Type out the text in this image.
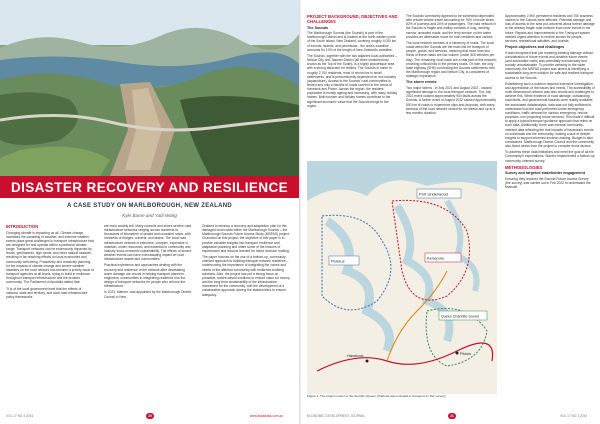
DISASTER RECOVERY AND RESILIENCE
A CASE STUDY ON MARLBOROUGH, NEW ZEALAND
Kyle Barrie and Yadi Wang
INTRODUCTION

Changing climate is impacting us all. Climate change increases the variability of weather, and extreme weather events place great challenges to transport infrastructure that are designed for and operate within a particular climatic range. Transport networks can be enormously impacted by floods, geohazards, high winds, and other natural hazards, resulting in far-reaching effects on local economies and community well-being. Proactively and reactively planning for the impacts of climate change and severe weather disasters on the road network has become a priority issue of transport agencies at all levels, trying to build in resilience throughout transport infrastructure and the broader community. The Parliament of Australia stated that:

"It is of the local government level that the effects of national, state and territory, and local road infrastructure policy frameworks

are most acutely felt. Many councils and shires service road infrastructure networks ranging across hundreds to thousands of kilometres of sealed and unsealed roads, with hundreds of bridges, culverts, and drains. The local road infrastructure network is extensive, complex, expensive to maintain, under resourced, and essential to community and industry socio-economic sustainability. The effects of severe weather events can have a devastating impact on road infrastructure assets and communities."

Practical experience and approaches dealing with the recovery and resilience of the network after devastating storm damage are crucial in helping transport planners, engineers, communities in integrating resilience into the design of transport networks for people who will use the infrastructure.

In 2023, Mariner, was appointed by the Marlborough District Council in New

Zealand to develop a recovery and adaptation plan for the damaged local roads within the Marlborough Sounds – the Marlborough Sounds Future Access Study (MSFAS) project. Grounded on this project, the objective of this paper is to provide valuable insights into transport resilience and adaptation planning and share some of the lessons of experiences and lessons learned for future decision making.

The paper focuses on the use of a bottom-up, community-oriented approach to building transport network resilience – underscoring the importance of integrating the voices and needs of the affected community with resilience-building solutions. Also, the project has put a strong focus on proactive, nature-based solutions to ensure value for money and the long-term sustainability of the infrastructure investment for the community, with the development of a collaborative approach among the stakeholders to ensure adequacy.

VOL 17 NO 3 2024	20	www.edustralia.com.au
PROJECT BACKGROUND, OBJECTIVES AND CHALLENGES
The Sounds

The Marlborough Sounds (the Sounds) is part of the Marlborough District and is located at the north-eastern point of the South Island, New Zealand, covering roughly 4,000 km of sounds, islands, and peninsulas - the area's coastline accounts for 10% of the length of New Zealand's coastline.

The Sounds, together with the two adjacent local authorities – Nelson City and Tasman District (all three combined into known as the Top of the South), is a highly picturesque area with a strong attraction for visitors. The Sounds is home to roughly 2,700 residents, most of whom live in small settlements, and is predominantly dependent on one industry (aquaculture). Access to the Sounds' rural communities is limited and only a handful of roads connect to the towns of Havelock and Picton. Across the region, the resident population is mostly ageing and increasing, with many holiday homes. Both tourism and holiday homes contribute to the significant economic value that the Sounds brings to the region.

The Sounds community appears to be somewhat dependent, with private vehicle travel accounting for 76% of mode share, 82% of journeys and 24% of passengers. The road network in the Sounds is fragile and mainly consists of long, winding, narrow, unsealed roads; and the ferry service on the water provides an alternative mode for both residents and visitors.

The local network consists of a hierarchy of roads. The local roads within the Sounds are the main link for transport of people, goods, and services, meaning that more than two thirds of these roads are low volume (under 500 vehicles per day). The remaining rural roads are a vital part of this network, providing critical links to the primary roads. Of note, the only state highway (SH6) connecting the Sounds settlements with the Marlborough region and Nelson City, is considered of strategic importance.

The storm events

Two major storms - in July 2021 and August 2022 - caused significant damage to the local transport network. The July 2021 event caused approximately 900 faults across the Sounds. A further event in August 2022 caused approximately 500 km of roads to experience slips and dropouts, with many sections of the road network closed for six weeks and up to a few months duration.

Approximately 2,900 permanent residents and 760 business owners in the Sounds were affected. Potential damage and loss of access to the area put concerns about further damage to the already fragile road network from more events in the future. Repairs and improvements to the Transport system needed urgent attention to restore access for people, services, recreational activities, and tourists.

Project objectives and challenges

It was recognised that just repairing existing damage without consideration of future events and possible future events (and associated costs) was potentially economically and socially unsustainable. To provide certainty to the wider community, the MSFAS project was aimed at identifying a sustainable long-term solution for safe and resilient transport access to the Sounds.

Establishing such a solution required extensive investigation and appreciation of the issues and needs. The accessibility of multi-dimensional network was also crucial and challenges to achieve this. While evidence of road damage, outstanding road faults, and geotechnical hazards were readily available, the associated data/analysis, data was not fully sufficient to understand how the road performed under emergency conditions, traffic demand for various emergency, rescue purposes, non-projecting future demand. This made it difficult to apply a typical transport guidance approach that relies on such data. Additionally, there was minimal community-oriented data reflecting the true impacts of hazardous events on individuals and the community, making a lack of deeper insights to support informed decision-making. Budget is also constrained. Marlborough District Council and the community also faced stress from the project to consider those factors.

To address these data limitations and meet the goal of all the Community's expectations, Stantec implemented a bottom-up community-oriented survey.

METHODOLOGIES
Survey and targeted stakeholder engagement

Ensuring they reached the Sounds Future Access Survey (the survey) was carried out in Feb 2022 to understand the financial

Port Underwood
Kenepuru
Queen Charlotte Sound
Pelorus
Picton
Havelock
Figure 1. The project extent to the Sounds (Queen Charlotte was included in Kenepuru in this survey)
ECONOMIC DEVELOPMENT JOURNAL	21	VOL 17 NO 3 2024
